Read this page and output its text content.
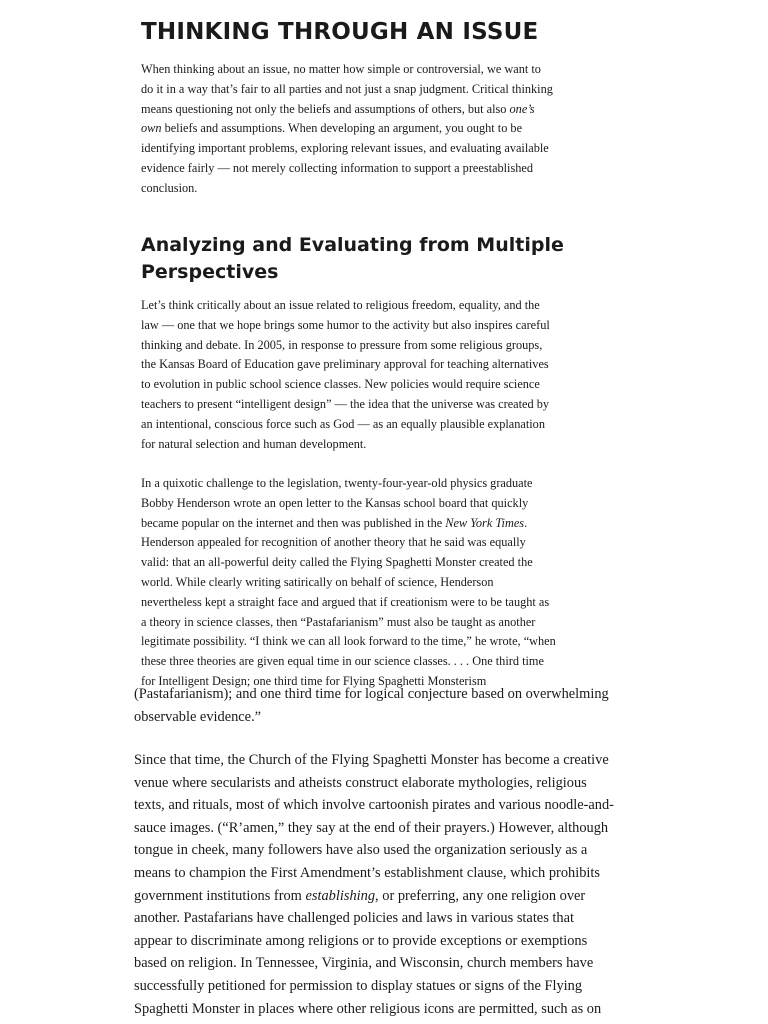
THINKING THROUGH AN ISSUE

When thinking about an issue, no matter how simple or controversial, we want to
do it in a way that’s fair to all parties and not just a snap judgment. Critical thinking
means questioning not only the beliefs and assumptions of others, but also one’s
own beliefs and assumptions. When developing an argument, you ought to be
identifying important problems, exploring relevant issues, and evaluating available
evidence fairly — not merely collecting information to support a preestablished
conclusion.

Analyzing and Evaluating from Multiple Perspectives

Let’s think critically about an issue related to religious freedom, equality, and the
law — one that we hope brings some humor to the activity but also inspires careful
thinking and debate. In 2005, in response to pressure from some religious groups,
the Kansas Board of Education gave preliminary approval for teaching alternatives
to evolution in public school science classes. New policies would require science
teachers to present “intelligent design” — the idea that the universe was created by
an intentional, conscious force such as God — as an equally plausible explanation
for natural selection and human development.

In a quixotic challenge to the legislation, twenty-four-year-old physics graduate
Bobby Henderson wrote an open letter to the Kansas school board that quickly
became popular on the internet and then was published in the New York Times.
Henderson appealed for recognition of another theory that he said was equally
valid: that an all-powerful deity called the Flying Spaghetti Monster created the
world. While clearly writing satirically on behalf of science, Henderson
nevertheless kept a straight face and argued that if creationism were to be taught as
a theory in science classes, then “Pastafarianism” must also be taught as another
legitimate possibility. “I think we can all look forward to the time,” he wrote, “when
these three theories are given equal time in our science classes. . . . One third time
for Intelligent Design; one third time for Flying Spaghetti Monsterism

(Pastafarianism); and one third time for logical conjecture based on overwhelming
observable evidence.”

Since that time, the Church of the Flying Spaghetti Monster has become a creative
venue where secularists and atheists construct elaborate mythologies, religious
texts, and rituals, most of which involve cartoonish pirates and various noodle-and-
sauce images. (“R’amen,” they say at the end of their prayers.) However, although
tongue in cheek, many followers have also used the organization seriously as a
means to champion the First Amendment’s establishment clause, which prohibits
government institutions from establishing, or preferring, any one religion over
another. Pastafarians have challenged policies and laws in various states that
appear to discriminate among religions or to provide exceptions or exemptions
based on religion. In Tennessee, Virginia, and Wisconsin, church members have
successfully petitioned for permission to display statues or signs of the Flying
Spaghetti Monster in places where other religious icons are permitted, such as on
